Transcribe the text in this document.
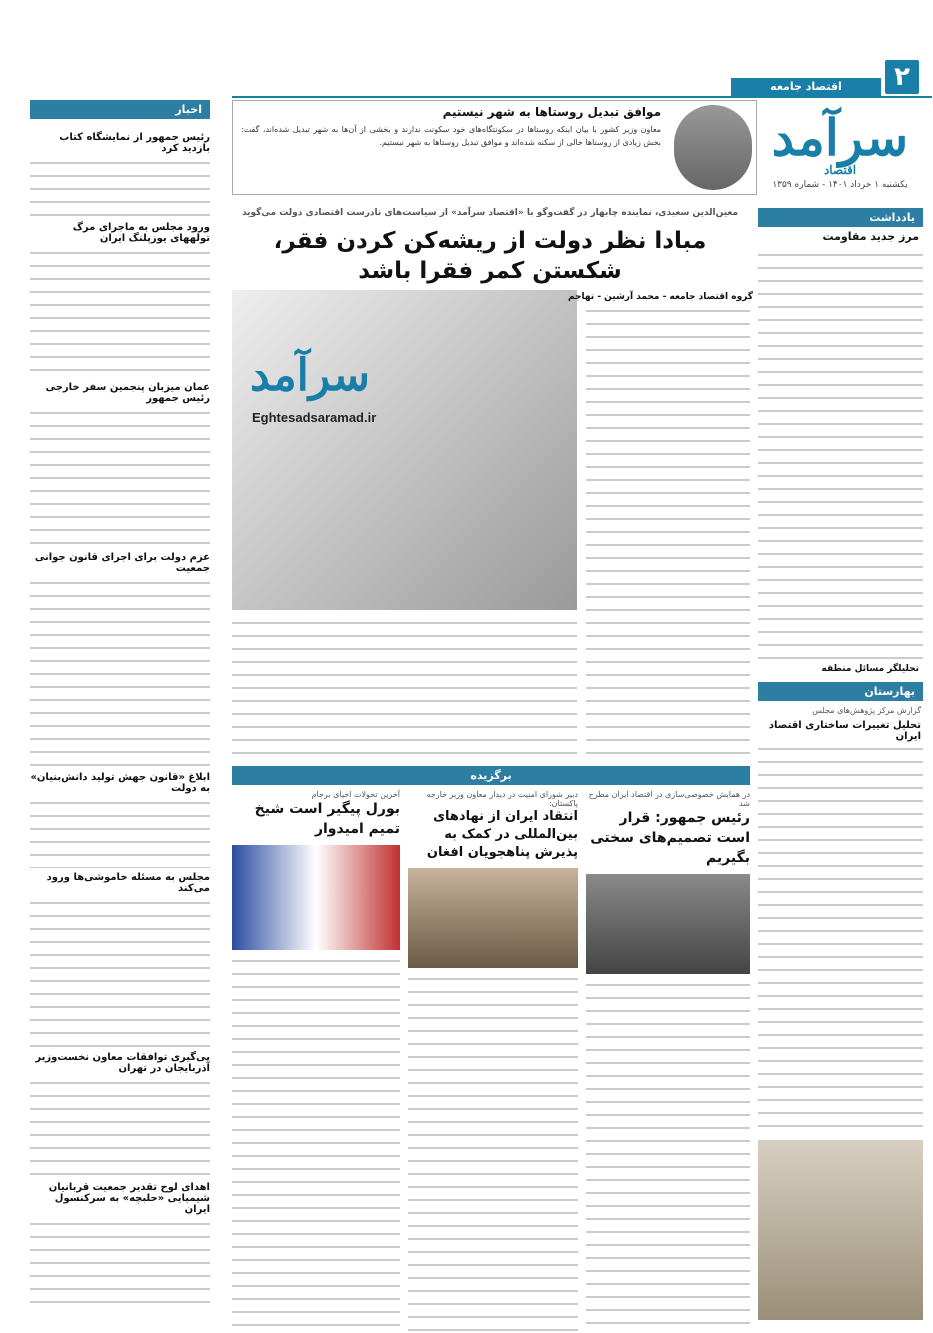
۲
اقتصاد جامعه
سرآمد
اقتصاد
یکشنبه ۱ خرداد ۱۴۰۱ - شماره ۱۳۵۹
موافق تبدیل روستاها به شهر نیستیم
معاون وزیر کشور با بیان اینکه روستاها در سکونتگاه‌های خود سکونت ندارند و بخشی از آن‌ها به شهر تبدیل شده‌اند، گفت: بخش زیادی از روستاها خالی از سکنه شده‌اند و موافق تبدیل روستاها به شهر نیستیم.
یادداشت
مرز جدید مقاومت
تحلیلگر مسائل منطقه
اخبار
رئیس جمهور از نمایشگاه کتاب بازدید کرد
ورود مجلس به ماجرای مرگ تولههای یوزپلنگ ایران
عمان میزبان پنجمین سفر خارجی رئیس جمهور
عزم دولت برای اجرای قانون جوانی جمعیت
ابلاغ «قانون جهش تولید دانش‌بنیان» به دولت
مجلس به مسئله خاموشی‌ها ورود می‌کند
پی‌گیری توافقات معاون نخست‌وزیر آذربایجان در تهران
اهدای لوح تقدیر جمعیت قربانیان شیمیایی «حلبچه» به سرکنسول ایران
معین‌الدین سعیدی، نماینده چابهار در گفت‌وگو با «اقتصاد سرآمد» از سیاست‌های نادرست اقتصادی دولت می‌گوید
مبادا نظر دولت از ریشه‌کن کردن فقر، شکستن کمر فقرا باشد
سرآمد
Eghtesadsaramad.ir
گروه اقتصاد جامعه - محمد آرشین - تهاجم
بهارستان
گزارش مرکز پژوهش‌های مجلس
تحلیل تغییرات ساختاری اقتصاد ایران
برگزیده
در همایش خصوصی‌سازی در اقتصاد ایران مطرح شد
رئیس جمهور: قرار است تصمیم‌های سختی بگیریم
دبیر شورای امنیت در دیدار معاون وزیر خارجه پاکستان:
انتقاد ایران از نهادهای بین‌المللی در کمک به پذیرش پناهجویان افغان
آخرین تحولات احیای برجام
بورل پیگیر است شیخ تمیم امیدوار
